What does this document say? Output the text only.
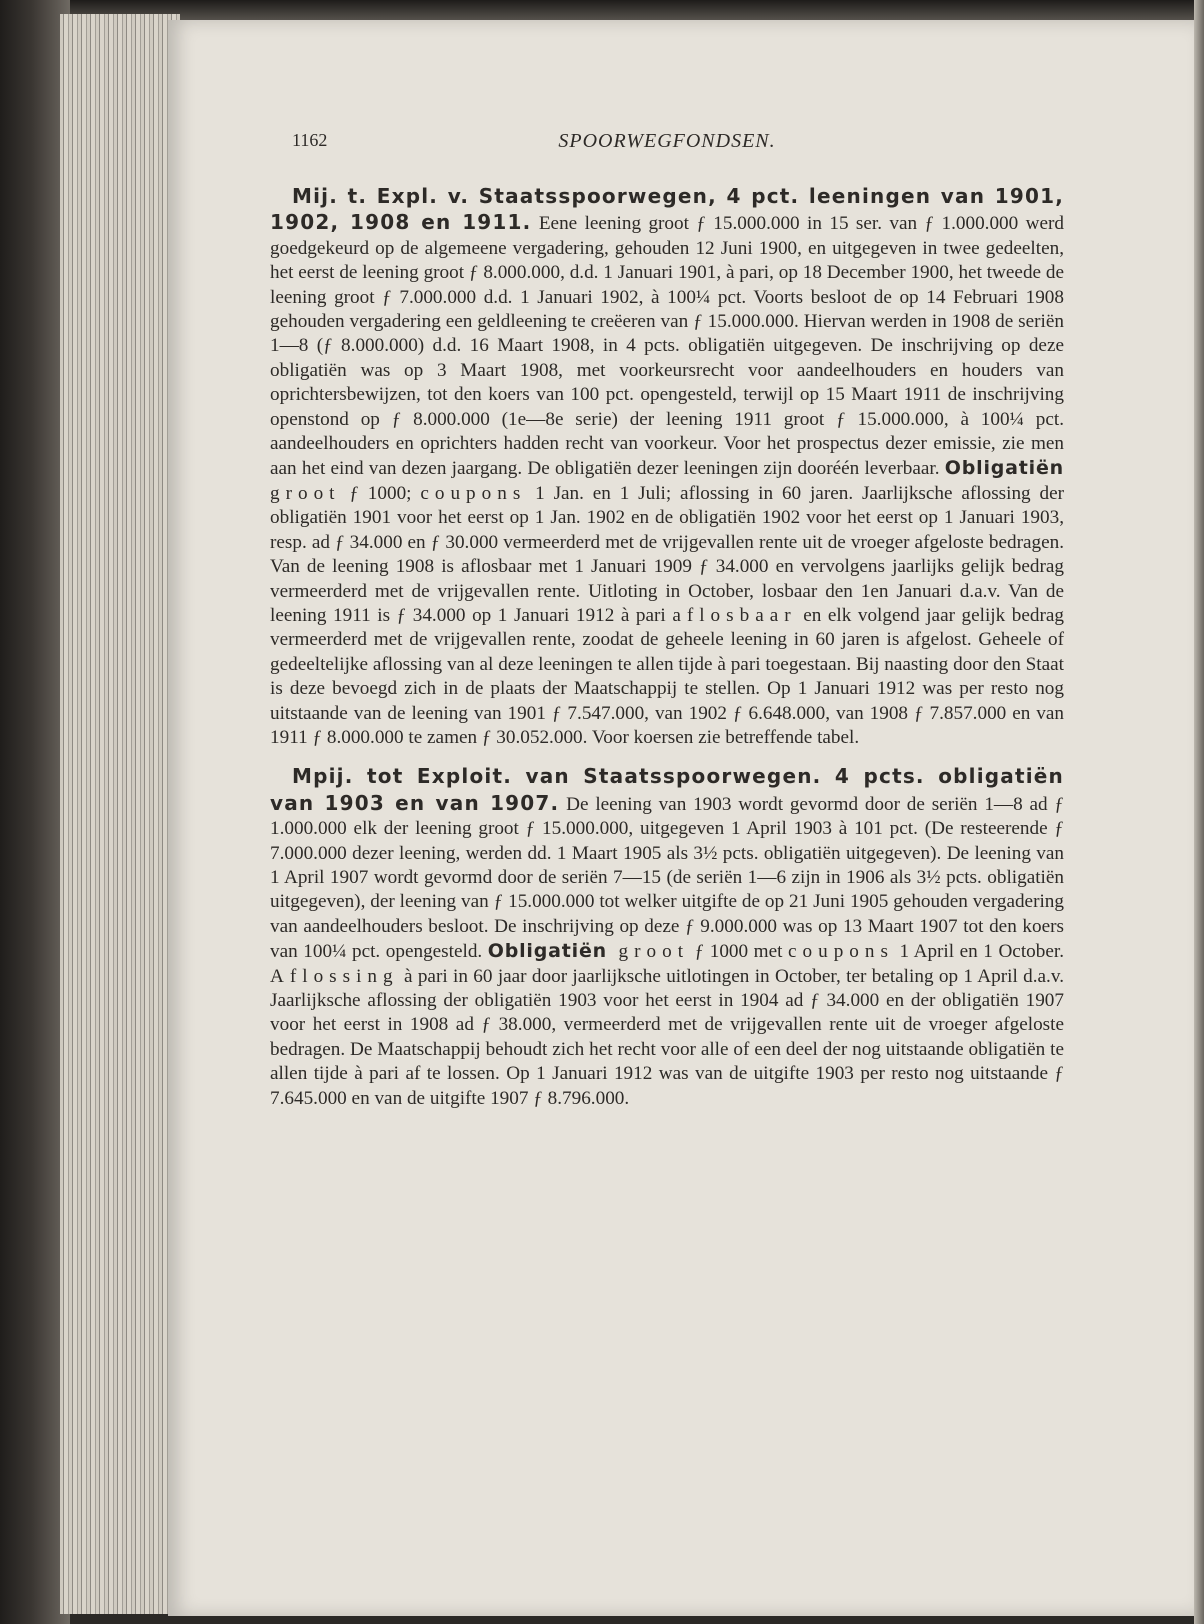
1162	SPOORWEGFONDSEN.

Mij. t. Expl. v. Staatsspoorwegen, 4 pct. leeningen van 1901, 1902, 1908 en 1911. Eene leening groot ƒ 15.000.000 in 15 ser. van ƒ 1.000.000 werd goedgekeurd op de algemeene vergadering, gehouden 12 Juni 1900, en uitgegeven in twee gedeelten, het eerst de leening groot ƒ 8.000.000, d.d. 1 Januari 1901, à pari, op 18 December 1900, het tweede de leening groot ƒ 7.000.000 d.d. 1 Januari 1902, à 100¼ pct. Voorts besloot de op 14 Februari 1908 gehouden vergadering een geldleening te creëeren van ƒ 15.000.000. Hiervan werden in 1908 de seriën 1—8 (ƒ 8.000.000) d.d. 16 Maart 1908, in 4 pcts. obligatiën uitgegeven. De inschrijving op deze obligatiën was op 3 Maart 1908, met voorkeursrecht voor aandeelhouders en houders van oprichtersbewijzen, tot den koers van 100 pct. opengesteld, terwijl op 15 Maart 1911 de inschrijving openstond op ƒ 8.000.000 (1e—8e serie) der leening 1911 groot ƒ 15.000.000, à 100¼ pct. aandeelhouders en oprichters hadden recht van voorkeur. Voor het prospectus dezer emissie, zie men aan het eind van dezen jaargang. De obligatiën dezer leeningen zijn dooréén leverbaar. Obligatiën groot ƒ 1000; coupons 1 Jan. en 1 Juli; aflossing in 60 jaren. Jaarlijksche aflossing der obligatiën 1901 voor het eerst op 1 Jan. 1902 en de obligatiën 1902 voor het eerst op 1 Januari 1903, resp. ad ƒ 34.000 en ƒ 30.000 vermeerderd met de vrijgevallen rente uit de vroeger afgeloste bedragen. Van de leening 1908 is aflosbaar met 1 Januari 1909 ƒ 34.000 en vervolgens jaarlijks gelijk bedrag vermeerderd met de vrijgevallen rente. Uitloting in October, losbaar den 1en Januari d.a.v. Van de leening 1911 is ƒ 34.000 op 1 Januari 1912 à pari aflosbaar en elk volgend jaar gelijk bedrag vermeerderd met de vrijgevallen rente, zoodat de geheele leening in 60 jaren is afgelost. Geheele of gedeeltelijke aflossing van al deze leeningen te allen tijde à pari toegestaan. Bij naasting door den Staat is deze bevoegd zich in de plaats der Maatschappij te stellen. Op 1 Januari 1912 was per resto nog uitstaande van de leening van 1901 ƒ 7.547.000, van 1902 ƒ 6.648.000, van 1908 ƒ 7.857.000 en van 1911 ƒ 8.000.000 te zamen ƒ 30.052.000. Voor koersen zie betreffende tabel.

Mpij. tot Exploit. van Staatsspoorwegen. 4 pcts. obligatiën van 1903 en van 1907. De leening van 1903 wordt gevormd door de seriën 1—8 ad ƒ 1.000.000 elk der leening groot ƒ 15.000.000, uitgegeven 1 April 1903 à 101 pct. (De resteerende ƒ 7.000.000 dezer leening, werden dd. 1 Maart 1905 als 3½ pcts. obligatiën uitgegeven). De leening van 1 April 1907 wordt gevormd door de seriën 7—15 (de seriën 1—6 zijn in 1906 als 3½ pcts. obligatiën uitgegeven), der leening van ƒ 15.000.000 tot welker uitgifte de op 21 Juni 1905 gehouden vergadering van aandeelhouders besloot. De inschrijving op deze ƒ 9.000.000 was op 13 Maart 1907 tot den koers van 100¼ pct. opengesteld. Obligatiën groot ƒ 1000 met coupons 1 April en 1 October. Aflossing à pari in 60 jaar door jaarlijksche uitlotingen in October, ter betaling op 1 April d.a.v. Jaarlijksche aflossing der obligatiën 1903 voor het eerst in 1904 ad ƒ 34.000 en der obligatiën 1907 voor het eerst in 1908 ad ƒ 38.000, vermeerderd met de vrijgevallen rente uit de vroeger afgeloste bedragen. De Maatschappij behoudt zich het recht voor alle of een deel der nog uitstaande obligatiën te allen tijde à pari af te lossen. Op 1 Januari 1912 was van de uitgifte 1903 per resto nog uitstaande ƒ 7.645.000 en van de uitgifte 1907 ƒ 8.796.000.
